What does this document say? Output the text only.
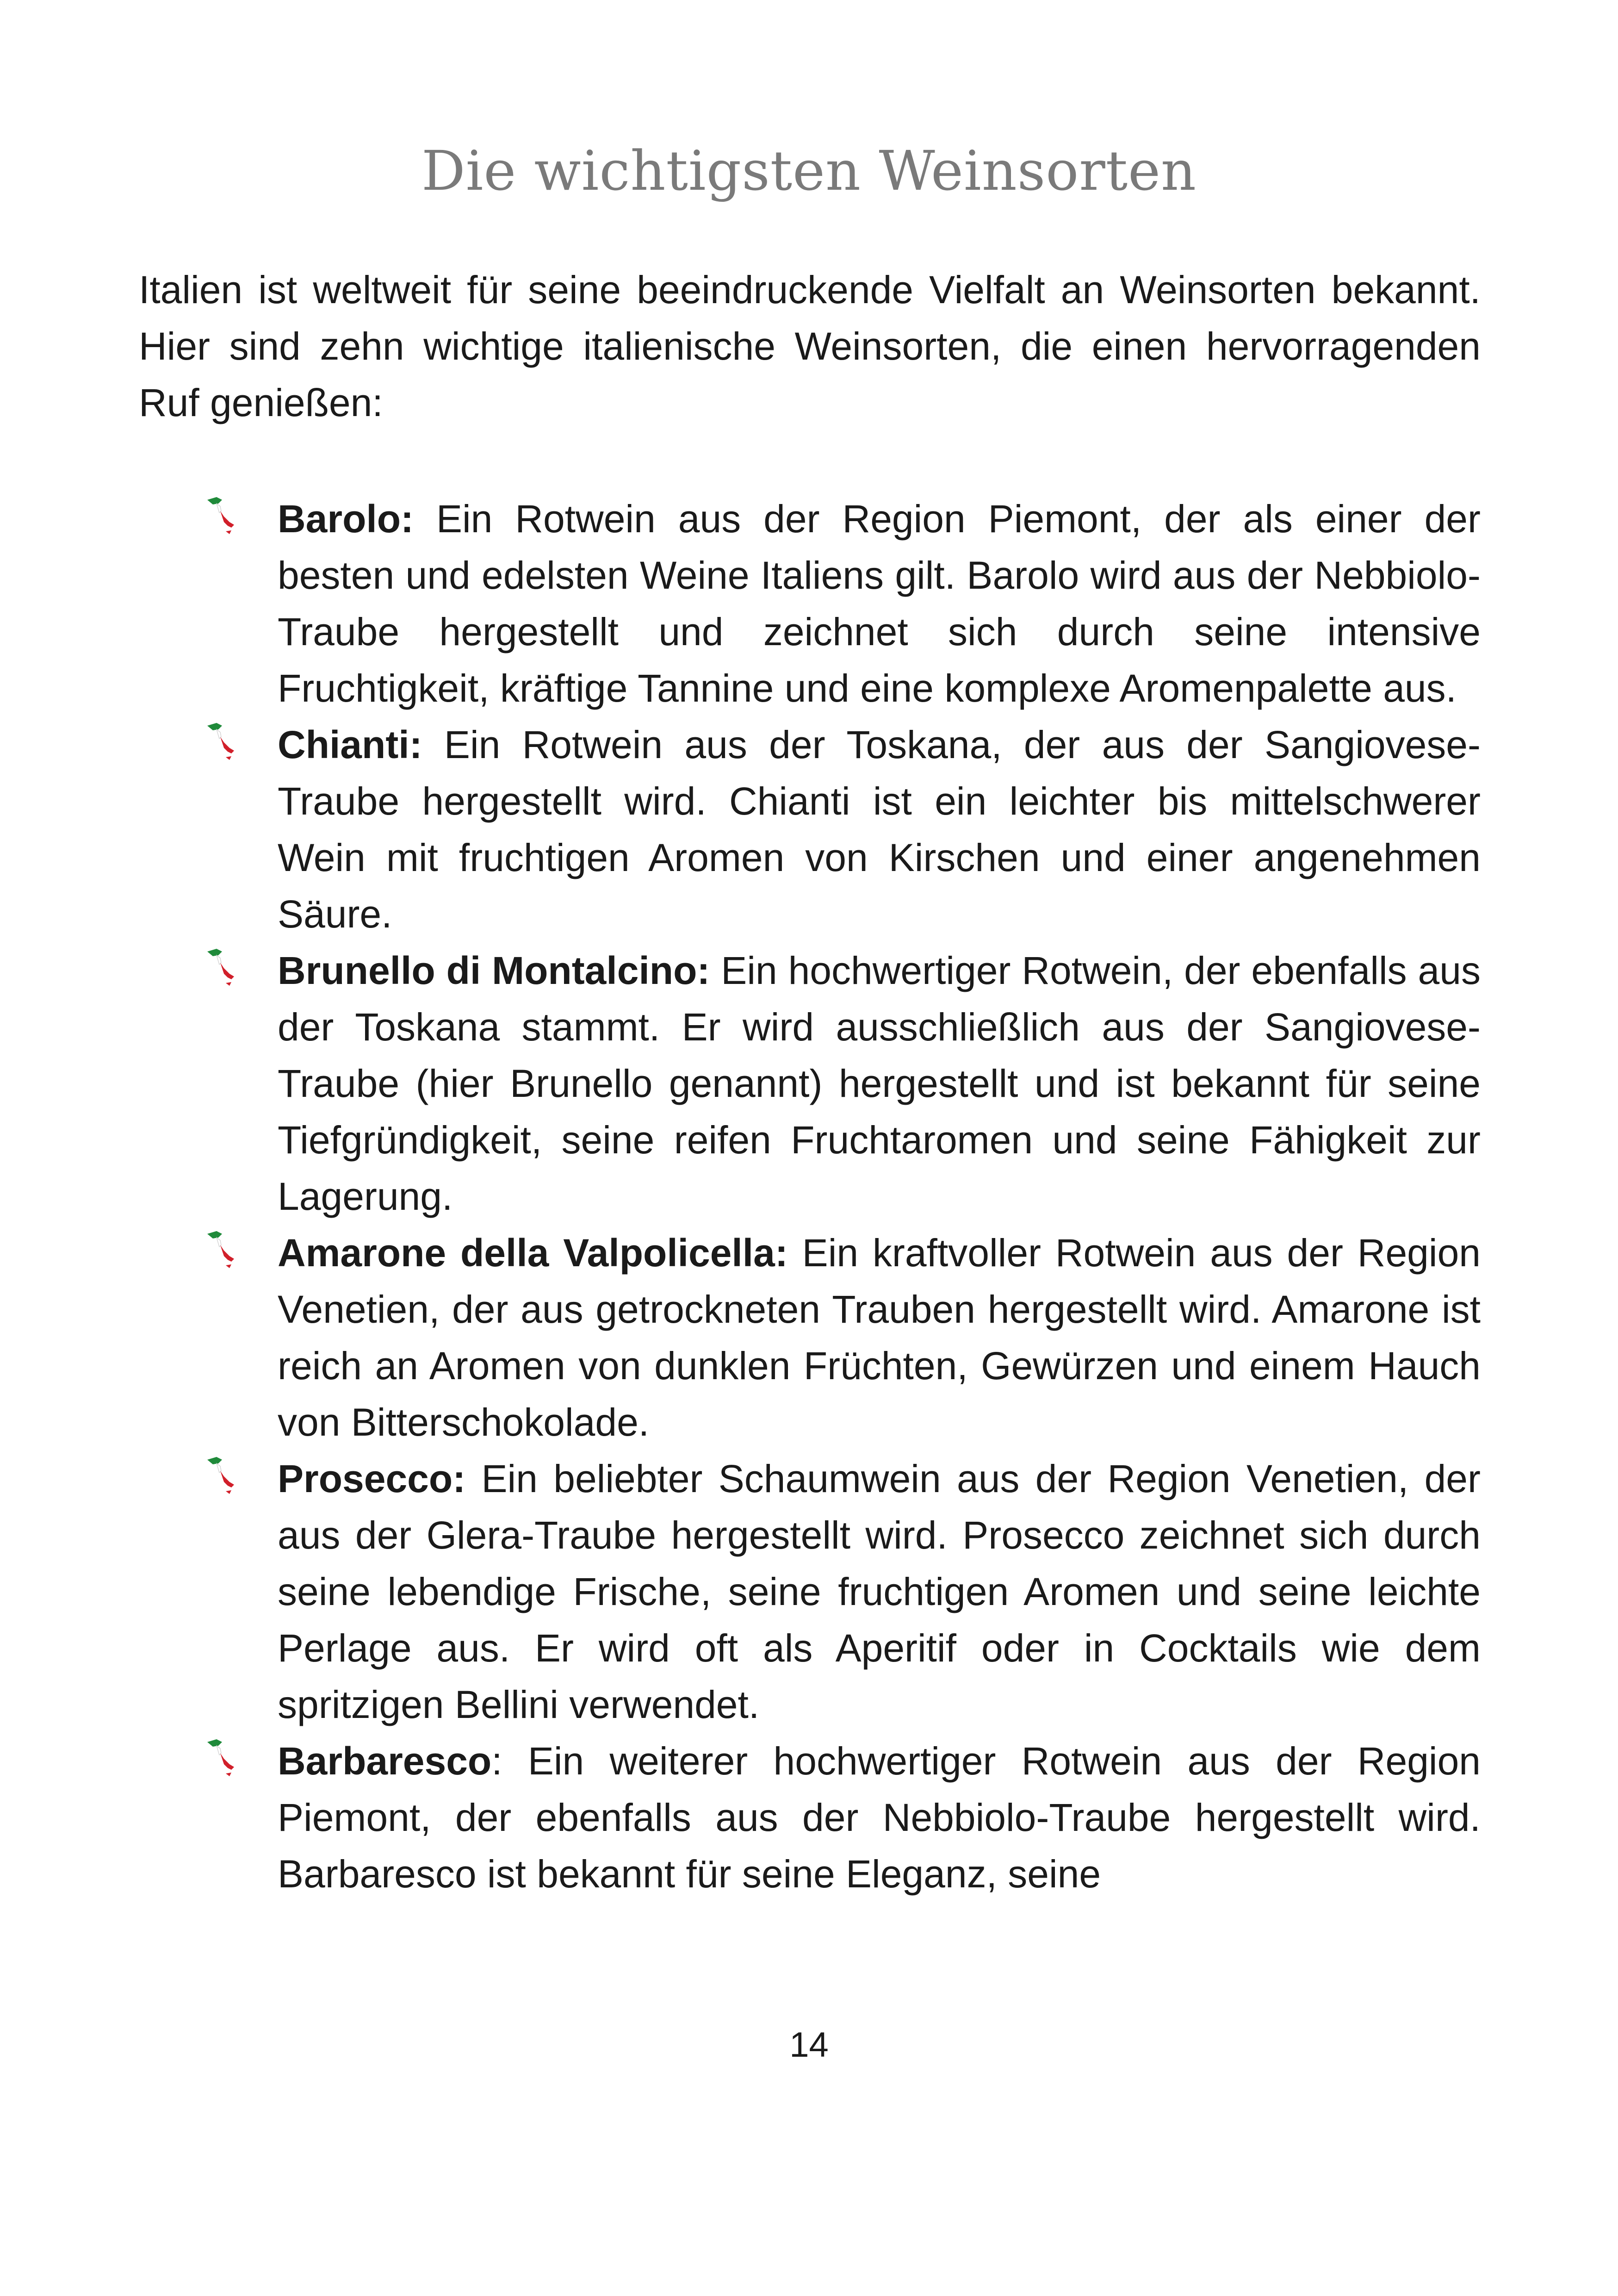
Die wichtigsten Weinsorten

Italien ist weltweit für seine beeindruckende Vielfalt an Weinsorten bekannt. Hier sind zehn wichtige italienische Weinsorten, die einen hervorragenden Ruf genießen:

Barolo: Ein Rotwein aus der Region Piemont, der als einer der besten und edelsten Weine Italiens gilt. Barolo wird aus der Nebbiolo-Traube hergestellt und zeichnet sich durch seine intensive Fruchtigkeit, kräftige Tannine und eine komplexe Aromenpalette aus.
Chianti: Ein Rotwein aus der Toskana, der aus der Sangiovese-Traube hergestellt wird. Chianti ist ein leichter bis mittelschwerer Wein mit fruchtigen Aromen von Kirschen und einer angenehmen Säure.
Brunello di Montalcino: Ein hochwertiger Rotwein, der ebenfalls aus der Toskana stammt. Er wird ausschließlich aus der Sangiovese-Traube (hier Brunello genannt) hergestellt und ist bekannt für seine Tiefgründigkeit, seine reifen Fruchtaromen und seine Fähigkeit zur Lagerung.
Amarone della Valpolicella: Ein kraftvoller Rotwein aus der Region Venetien, der aus getrockneten Trauben hergestellt wird. Amarone ist reich an Aromen von dunklen Früchten, Gewürzen und einem Hauch von Bitterschokolade.
Prosecco: Ein beliebter Schaumwein aus der Region Venetien, der aus der Glera-Traube hergestellt wird. Prosecco zeichnet sich durch seine lebendige Frische, seine fruchtigen Aromen und seine leichte Perlage aus. Er wird oft als Aperitif oder in Cocktails wie dem spritzigen Bellini verwendet.
Barbaresco: Ein weiterer hochwertiger Rotwein aus der Region Piemont, der ebenfalls aus der Nebbiolo-Traube hergestellt wird. Barbaresco ist bekannt für seine Eleganz, seine

14
